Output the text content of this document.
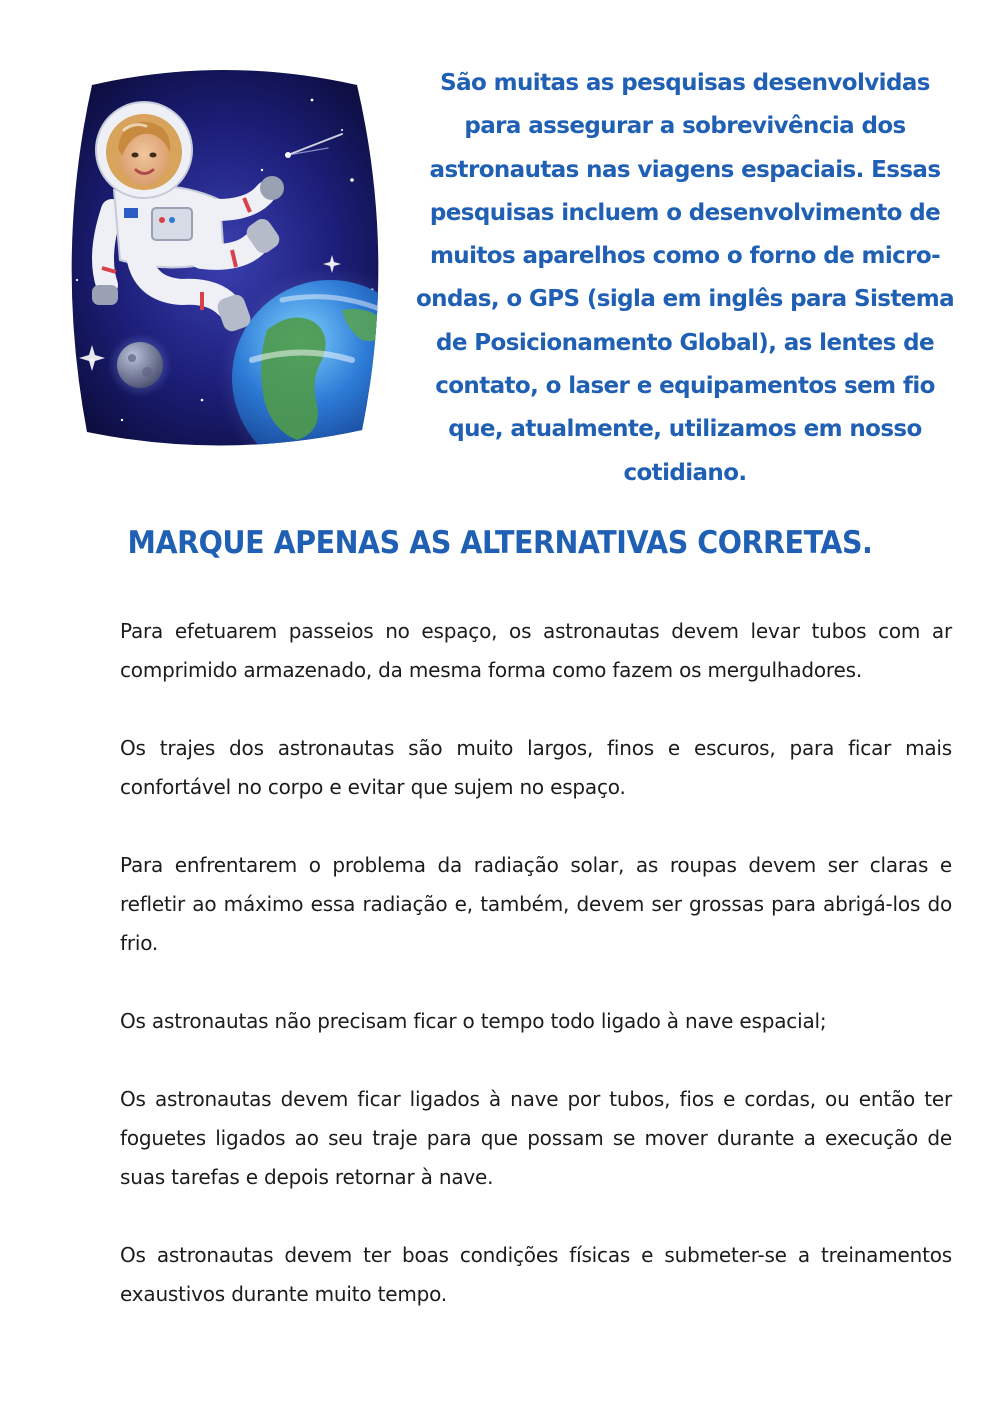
São muitas as pesquisas desenvolvidas para assegurar a sobrevivência dos astronautas nas viagens espaciais. Essas pesquisas incluem o desenvolvimento de muitos aparelhos como o forno de micro-ondas, o GPS (sigla em inglês para Sistema de Posicionamento Global), as lentes de contato, o laser e equipamentos sem fio que, atualmente, utilizamos em nosso cotidiano.
MARQUE APENAS AS ALTERNATIVAS CORRETAS.
Para efetuarem passeios no espaço, os astronautas devem levar tubos com ar comprimido armazenado, da mesma forma como fazem os mergulhadores.
Os trajes dos astronautas são muito largos, finos e escuros, para ficar mais confortável no corpo e evitar que sujem no espaço.
Para enfrentarem o problema da radiação solar, as roupas devem ser claras e refletir ao máximo essa radiação e, também, devem ser grossas para abrigá-los do frio.
Os astronautas não precisam ficar o tempo todo ligado à nave espacial;
Os astronautas devem ficar ligados à nave por tubos, fios e cordas, ou então ter foguetes ligados ao seu traje para que possam se mover durante a execução de suas tarefas e depois retornar à nave.
Os astronautas devem ter boas condições físicas e submeter-se a treinamentos exaustivos durante muito tempo.
